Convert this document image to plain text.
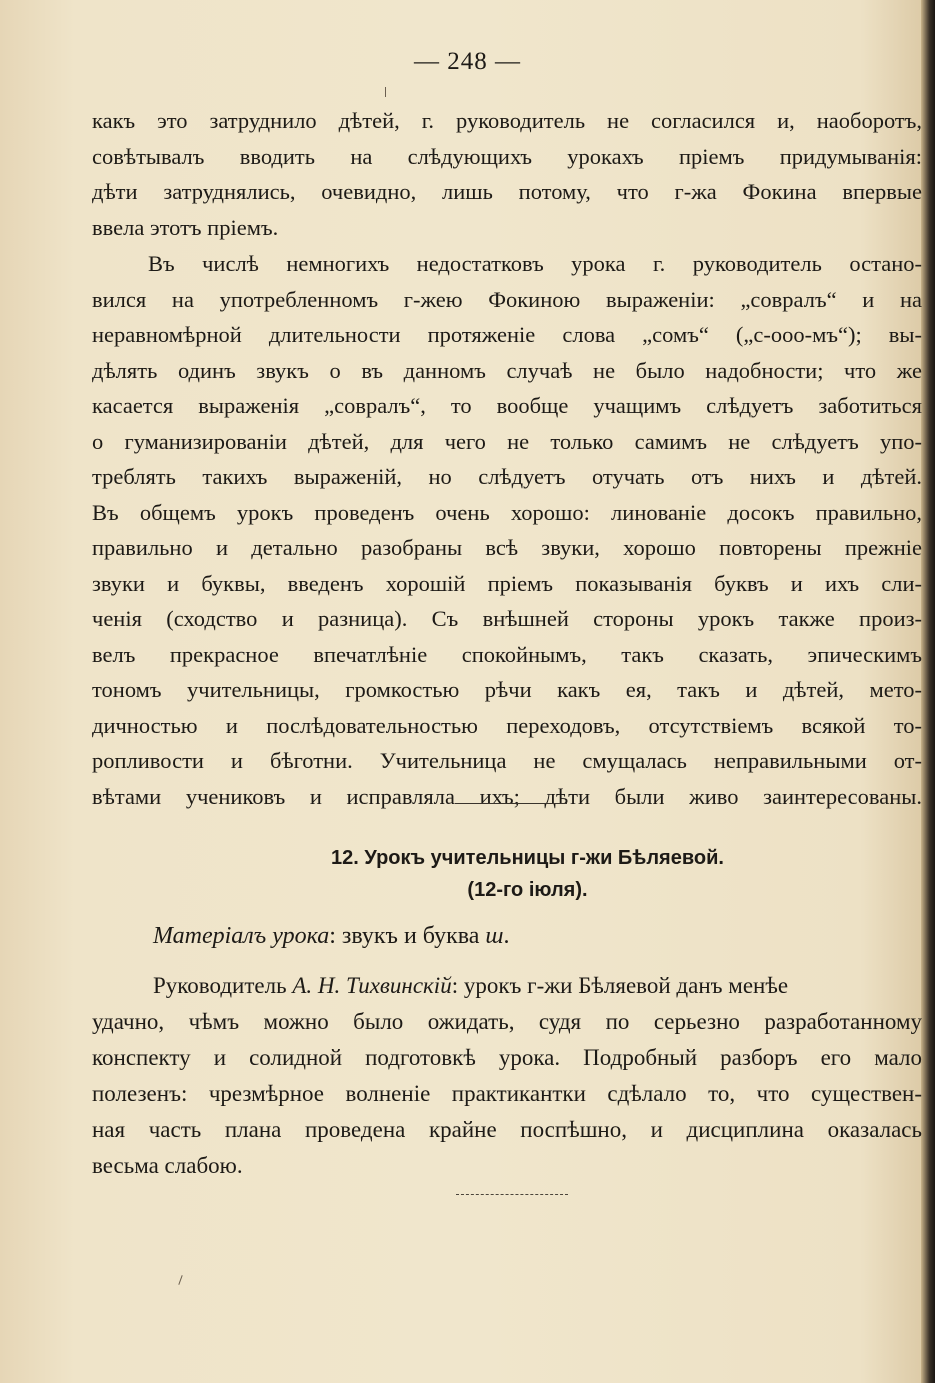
— 248 —
какъ это затруднило дѣтей, г. руководитель не согласился и, наоборотъ,
совѣтывалъ вводить на слѣдующихъ урокахъ пріемъ придумыванія:
дѣти затруднялись, очевидно, лишь потому, что г-жа Фокина впервые
ввела этотъ пріемъ.
Въ числѣ немногихъ недостатковъ урока г. руководитель остано-
вился на употребленномъ г-жею Фокиною выраженіи: „совралъ“ и на
неравномѣрной длительности протяженіе слова „сомъ“ („с-ооо-мъ“); вы-
дѣлять одинъ звукъ о въ данномъ случаѣ не было надобности; что же
касается выраженія „совралъ“, то вообще учащимъ слѣдуетъ заботиться
о гуманизированіи дѣтей, для чего не только самимъ не слѣдуетъ упо-
треблять такихъ выраженій, но слѣдуетъ отучать отъ нихъ и дѣтей.
Въ общемъ урокъ проведенъ очень хорошо: линованіе досокъ правильно,
правильно и детально разобраны всѣ звуки, хорошо повторены прежніе
звуки и буквы, введенъ хорошій пріемъ показыванія буквъ и ихъ сли-
ченія (сходство и разница). Съ внѣшней стороны урокъ также произ-
велъ прекрасное впечатлѣніе спокойнымъ, такъ сказать, эпическимъ
тономъ учительницы, громкостью рѣчи какъ ея, такъ и дѣтей, мето-
дичностью и послѣдовательностью переходовъ, отсутствіемъ всякой то-
ропливости и бѣготни. Учительница не смущалась неправильными от-
вѣтами учениковъ и исправляла ихъ; дѣти были живо заинтересованы.
12. Урокъ учительницы г-жи Бѣляевой.
(12-го іюля).
Матеріалъ урока: звукъ и буква ш.
Руководитель А. Н. Тихвинскій: урокъ г-жи Бѣляевой данъ менѣе
удачно, чѣмъ можно было ожидать, судя по серьезно разработанному
конспекту и солидной подготовкѣ урока. Подробный разборъ его мало
полезенъ: чрезмѣрное волненіе практикантки сдѣлало то, что существен-
ная часть плана проведена крайне поспѣшно, и дисциплина оказалась
весьма слабою.
